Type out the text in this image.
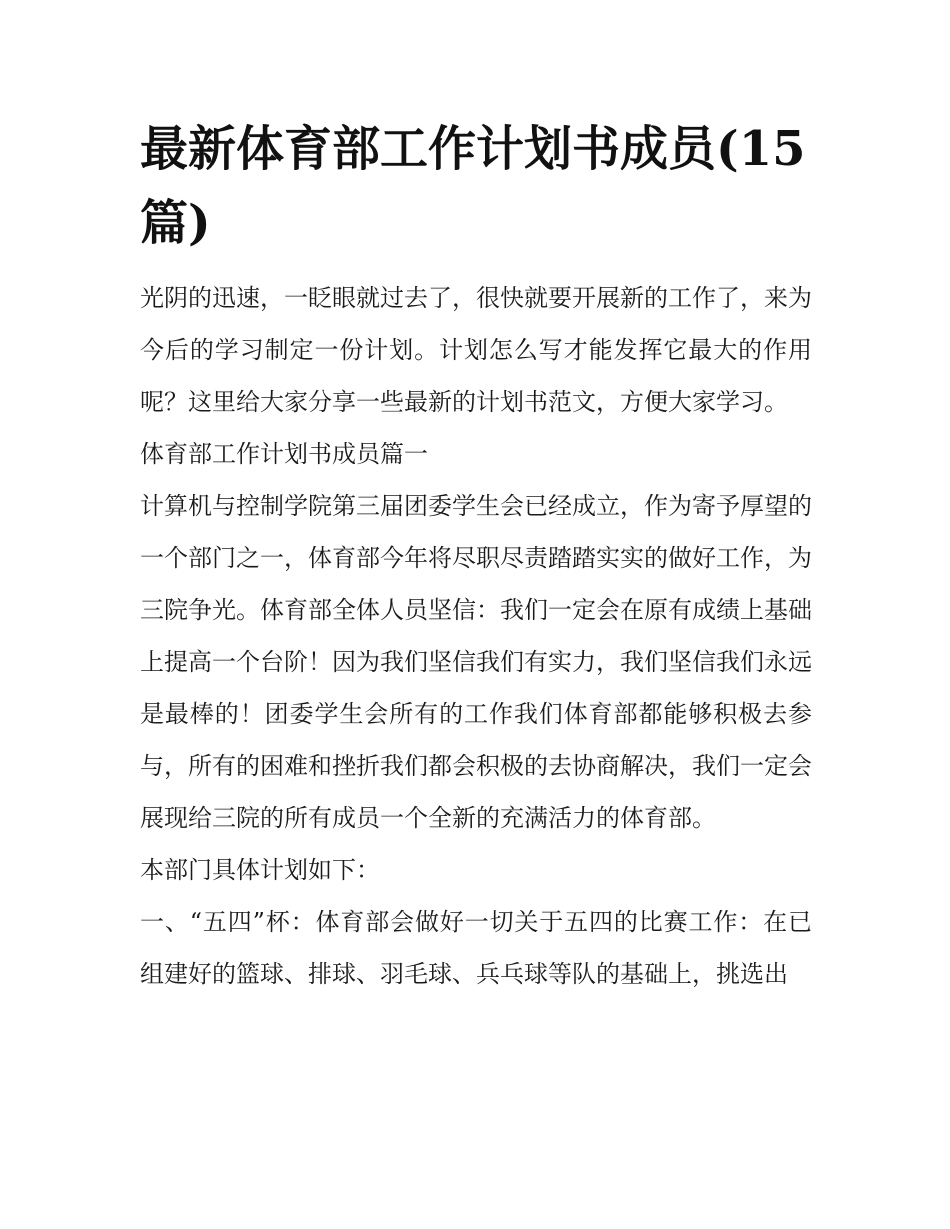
最新体育部工作计划书成员(15篇)

光阴的迅速，一眨眼就过去了，很快就要开展新的工作了，来为今后的学习制定一份计划。计划怎么写才能发挥它最大的作用呢？这里给大家分享一些最新的计划书范文，方便大家学习。

体育部工作计划书成员篇一

计算机与控制学院第三届团委学生会已经成立，作为寄予厚望的一个部门之一，体育部今年将尽职尽责踏踏实实的做好工作，为三院争光。体育部全体人员坚信：我们一定会在原有成绩上基础上提高一个台阶！因为我们坚信我们有实力，我们坚信我们永远是最棒的！团委学生会所有的工作我们体育部都能够积极去参与，所有的困难和挫折我们都会积极的去协商解决，我们一定会展现给三院的所有成员一个全新的充满活力的体育部。

本部门具体计划如下：

一、“五四”杯：体育部会做好一切关于五四的比赛工作：在已组建好的篮球、排球、羽毛球、兵乓球等队的基础上，挑选出
